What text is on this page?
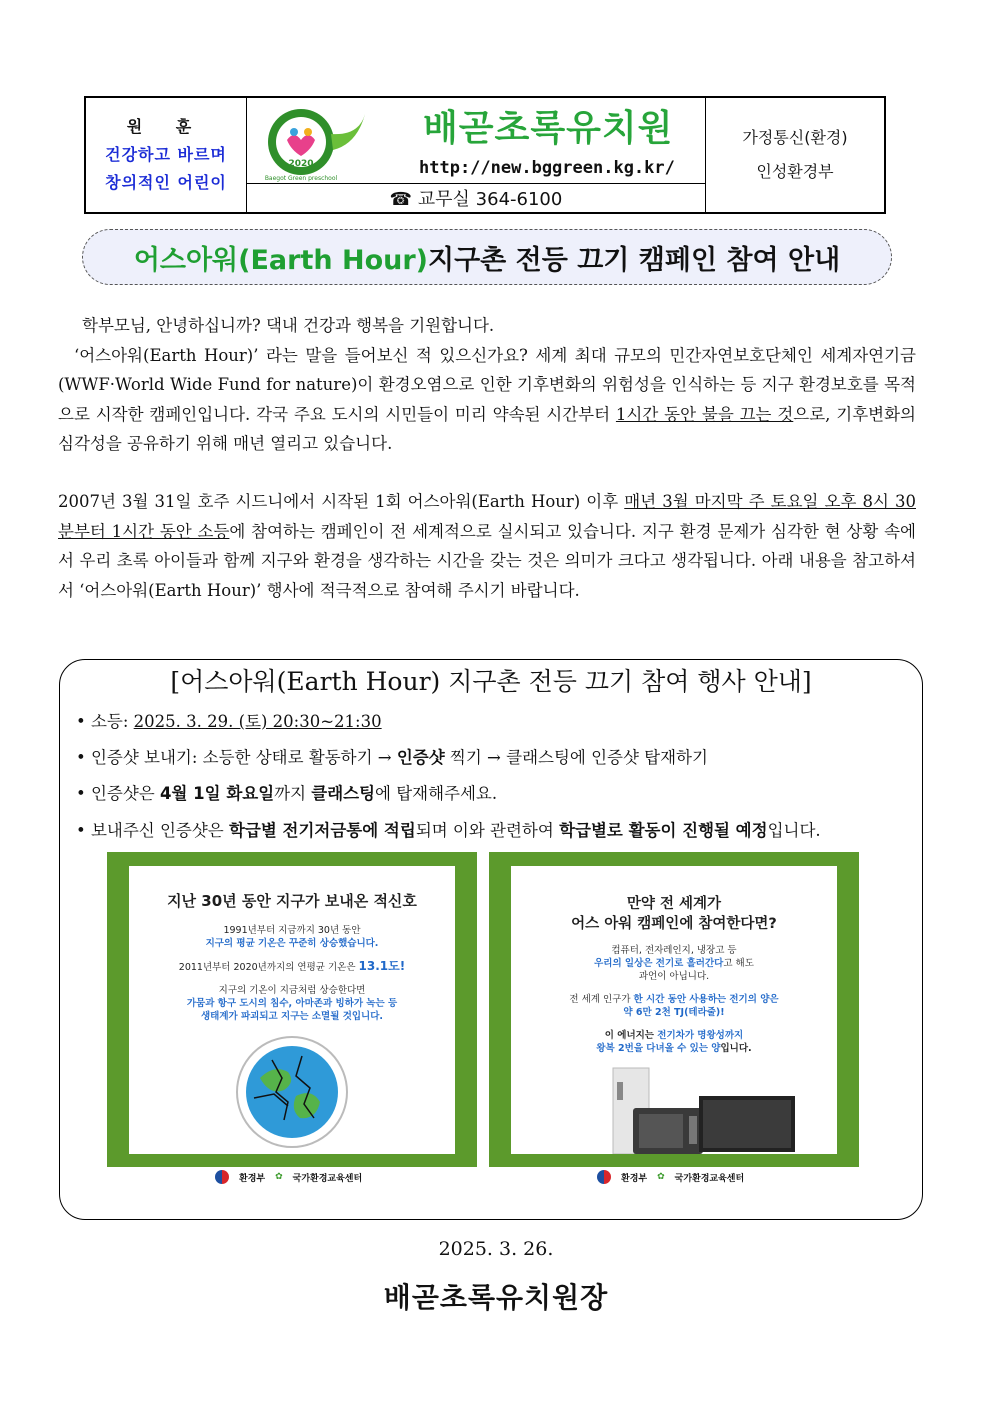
원 훈
건강하고 바르며
창의적인 어린이
2020
Baegot Green preschool
배곧초록유치원
http://new.bggreen.kg.kr/
☎ 교무실 364-6100
가정통신(환경)
인성환경부
어스아워(Earth Hour) 지구촌 전등 끄기 캠페인 참여 안내

학부모님, 안녕하십니까? 댁내 건강과 행복을 기원합니다.

‘어스아워(Earth Hour)’ 라는 말을 들어보신 적 있으신가요? 세계 최대 규모의 민간자연보호단체인 세계자연기금(WWF·World Wide Fund for nature)이 환경오염으로 인한 기후변화의 위험성을 인식하는 등 지구 환경보호를 목적으로 시작한 캠페인입니다. 각국 주요 도시의 시민들이 미리 약속된 시간부터 1시간 동안 불을 끄는 것으로, 기후변화의 심각성을 공유하기 위해 매년 열리고 있습니다.

2007년 3월 31일 호주 시드니에서 시작된 1회 어스아워(Earth Hour) 이후 매년 3월 마지막 주 토요일 오후 8시 30분부터 1시간 동안 소등에 참여하는 캠페인이 전 세계적으로 실시되고 있습니다. 지구 환경 문제가 심각한 현 상황 속에서 우리 초록 아이들과 함께 지구와 환경을 생각하는 시간을 갖는 것은 의미가 크다고 생각됩니다. 아래 내용을 참고하셔서 ‘어스아워(Earth Hour)’ 행사에 적극적으로 참여해 주시기 바랍니다.

[어스아워(Earth Hour) 지구촌 전등 끄기 참여 행사 안내]
• 소등: 2025. 3. 29. (토) 20:30~21:30
• 인증샷 보내기: 소등한 상태로 활동하기 → 인증샷 찍기 → 클래스팅에 인증샷 탑재하기
• 인증샷은 4월 1일 화요일까지 클래스팅에 탑재해주세요.
• 보내주신 인증샷은 학급별 전기저금통에 적립되며 이와 관련하여 학급별로 활동이 진행될 예정입니다.
지난 30년 동안 지구가 보내온 적신호
1991년부터 지금까지 30년 동안
지구의 평균 기온은 꾸준히 상승했습니다.
2011년부터 2020년까지의 연평균 기온은 13.1도!
지구의 기온이 지금처럼 상승한다면
가뭄과 항구 도시의 침수, 아마존과 빙하가 녹는 등
생태계가 파괴되고 지구는 소멸될 것입니다.
환경부 ✿ 국가환경교육센터
만약 전 세계가
어스 아워 캠페인에 참여한다면?
컴퓨터, 전자레인지, 냉장고 등
우리의 일상은 전기로 흘러간다고 해도
과언이 아닙니다.
전 세계 인구가 한 시간 동안 사용하는 전기의 양은
약 6만 2천 TJ(테라줄)!
이 에너지는 전기차가 명왕성까지
왕복 2번을 다녀올 수 있는 양입니다.
환경부 ✿ 국가환경교육센터
2025. 3. 26.
배곧초록유치원장
